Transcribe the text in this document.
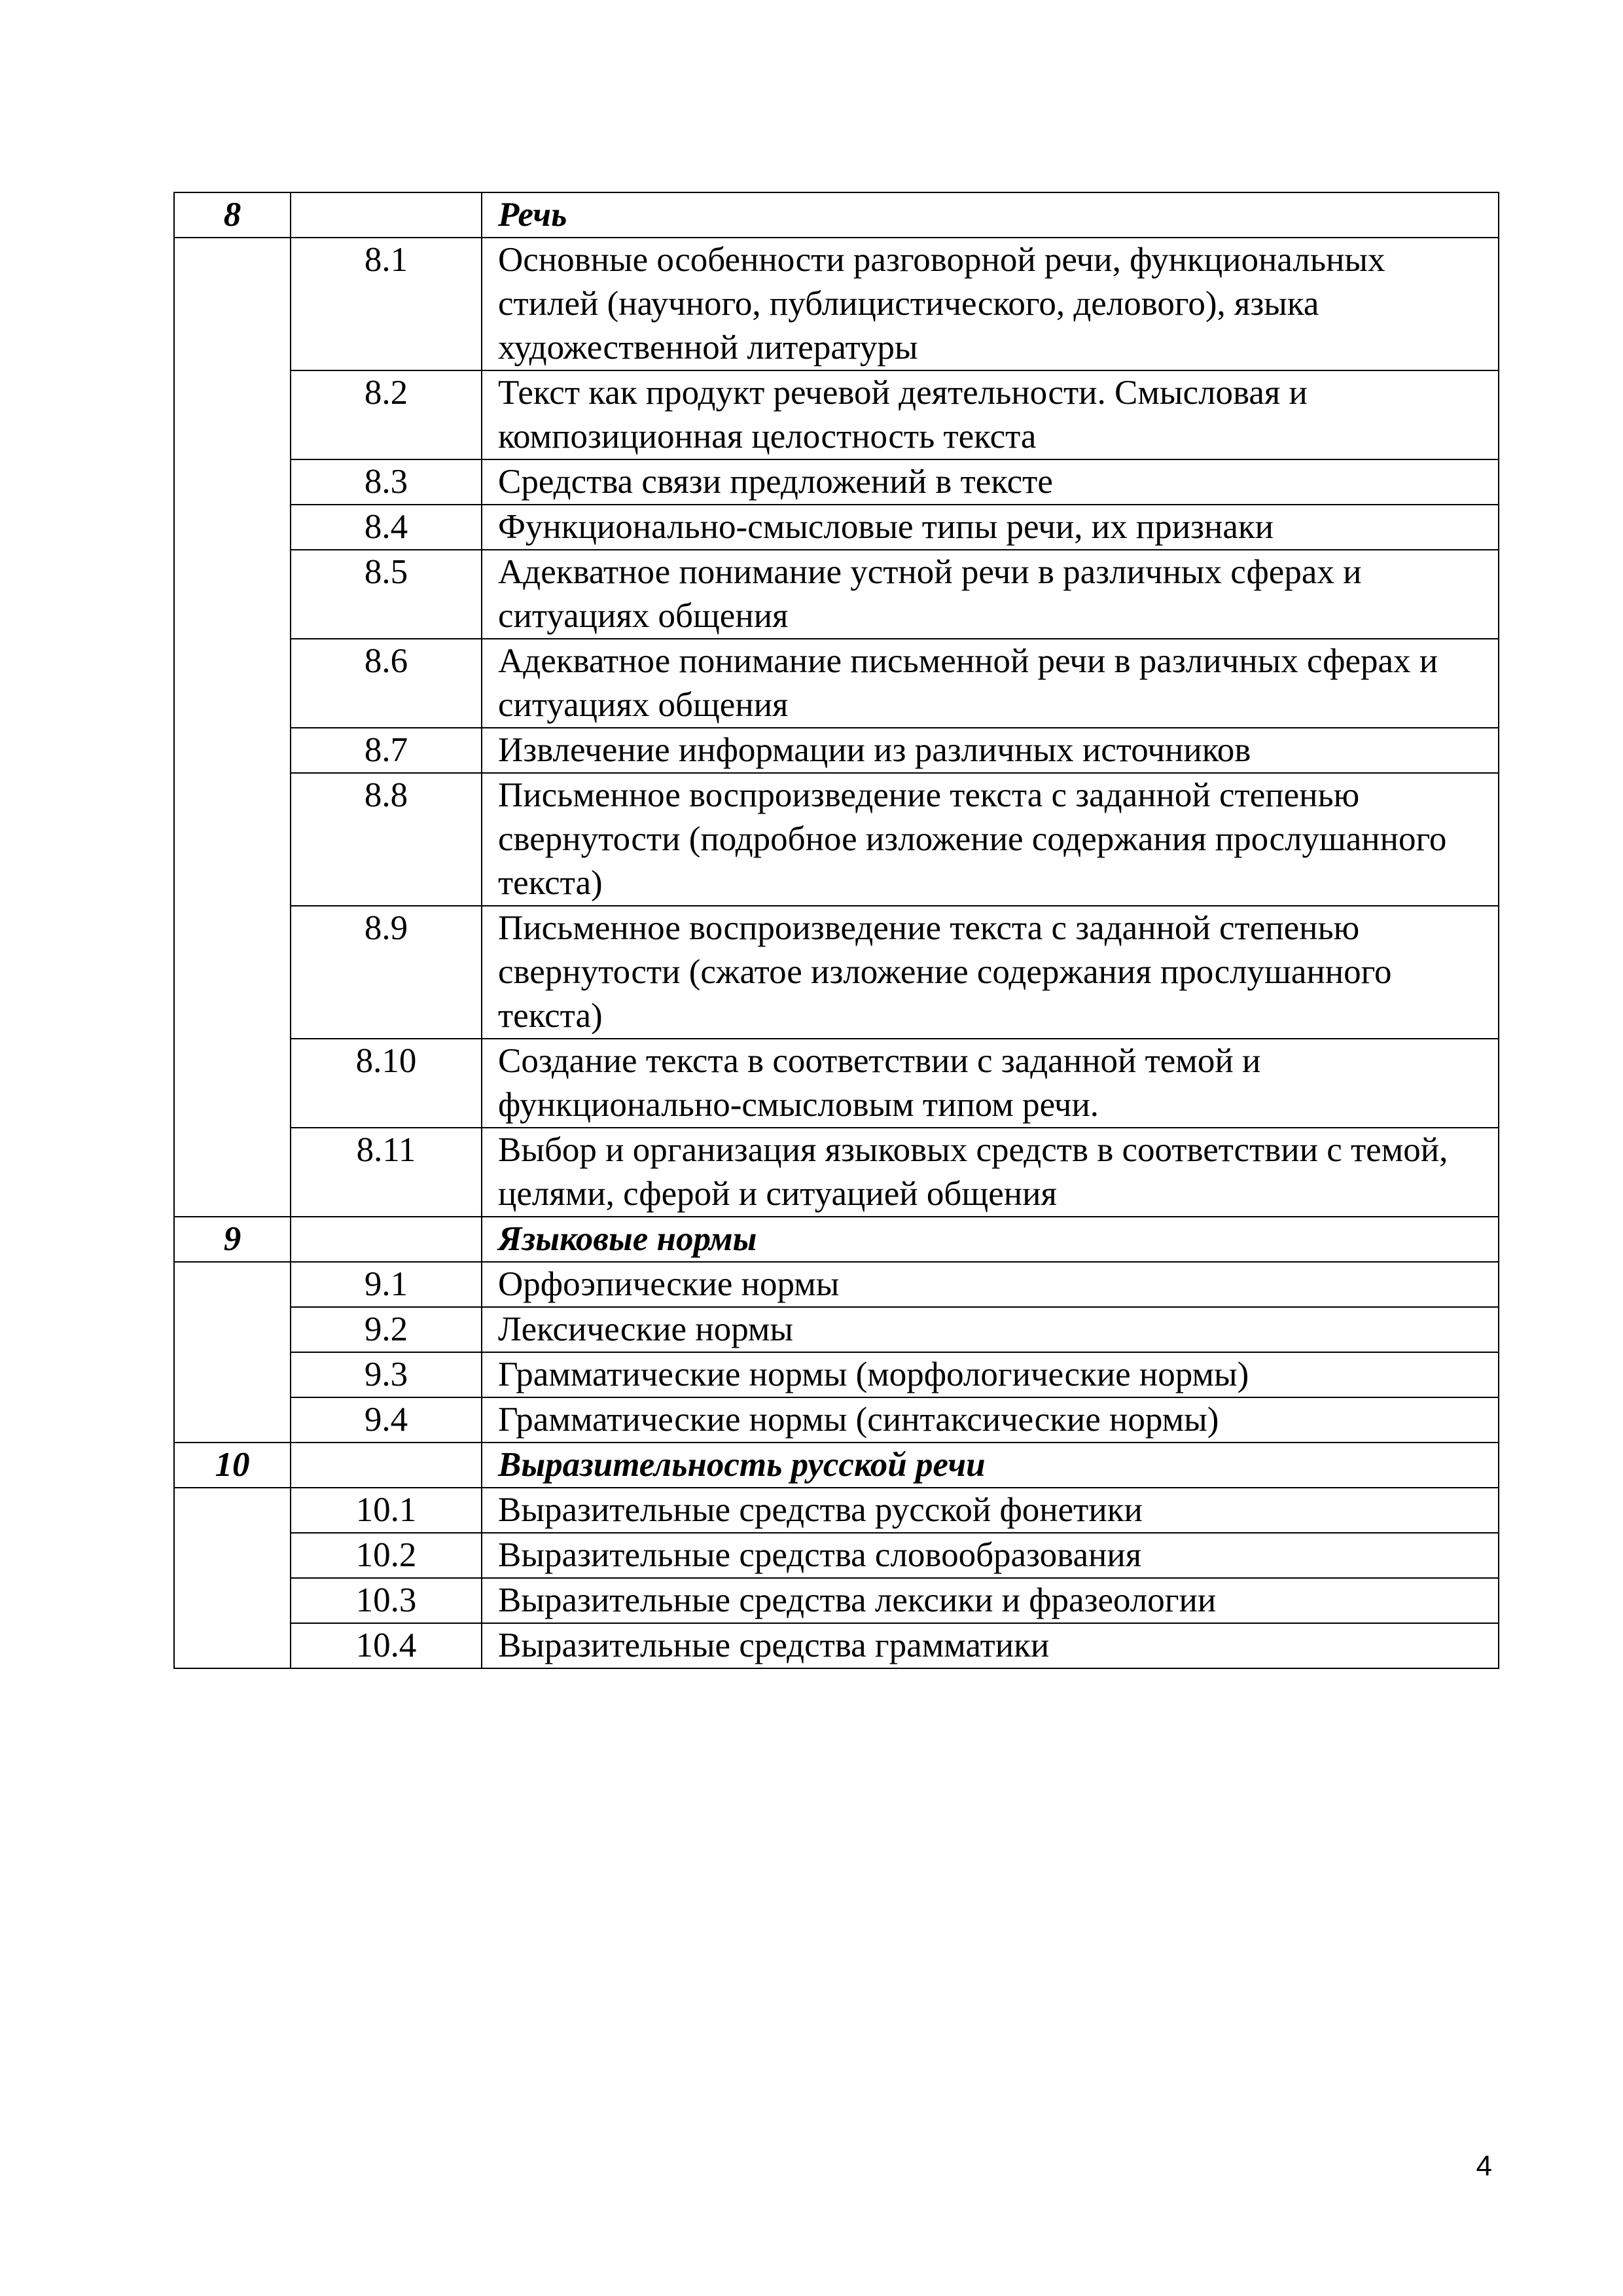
8		Речь
	8.1	Основные особенности разговорной речи, функциональных стилей (научного, публицистического, делового), языка художественной литературы
	8.2	Текст как продукт речевой деятельности. Смысловая и композиционная целостность текста
	8.3	Средства связи предложений в тексте
	8.4	Функционально-смысловые типы речи, их признаки
	8.5	Адекватное понимание устной речи в различных сферах и ситуациях общения
	8.6	Адекватное понимание письменной речи в различных сферах и ситуациях общения
	8.7	Извлечение информации из различных источников
	8.8	Письменное воспроизведение текста с заданной степенью свернутости (подробное изложение содержания прослушанного текста)
	8.9	Письменное воспроизведение текста с заданной степенью свернутости (сжатое изложение содержания прослушанного текста)
	8.10	Создание текста в соответствии с заданной темой и функционально-смысловым типом речи.
	8.11	Выбор и организация языковых средств в соответствии с темой, целями, сферой и ситуацией общения
9		Языковые нормы
	9.1	Орфоэпические нормы
	9.2	Лексические нормы
	9.3	Грамматические нормы (морфологические нормы)
	9.4	Грамматические нормы (синтаксические нормы)
10		Выразительность русской речи
	10.1	Выразительные средства русской фонетики
	10.2	Выразительные средства словообразования
	10.3	Выразительные средства лексики и фразеологии
	10.4	Выразительные средства грамматики
4
